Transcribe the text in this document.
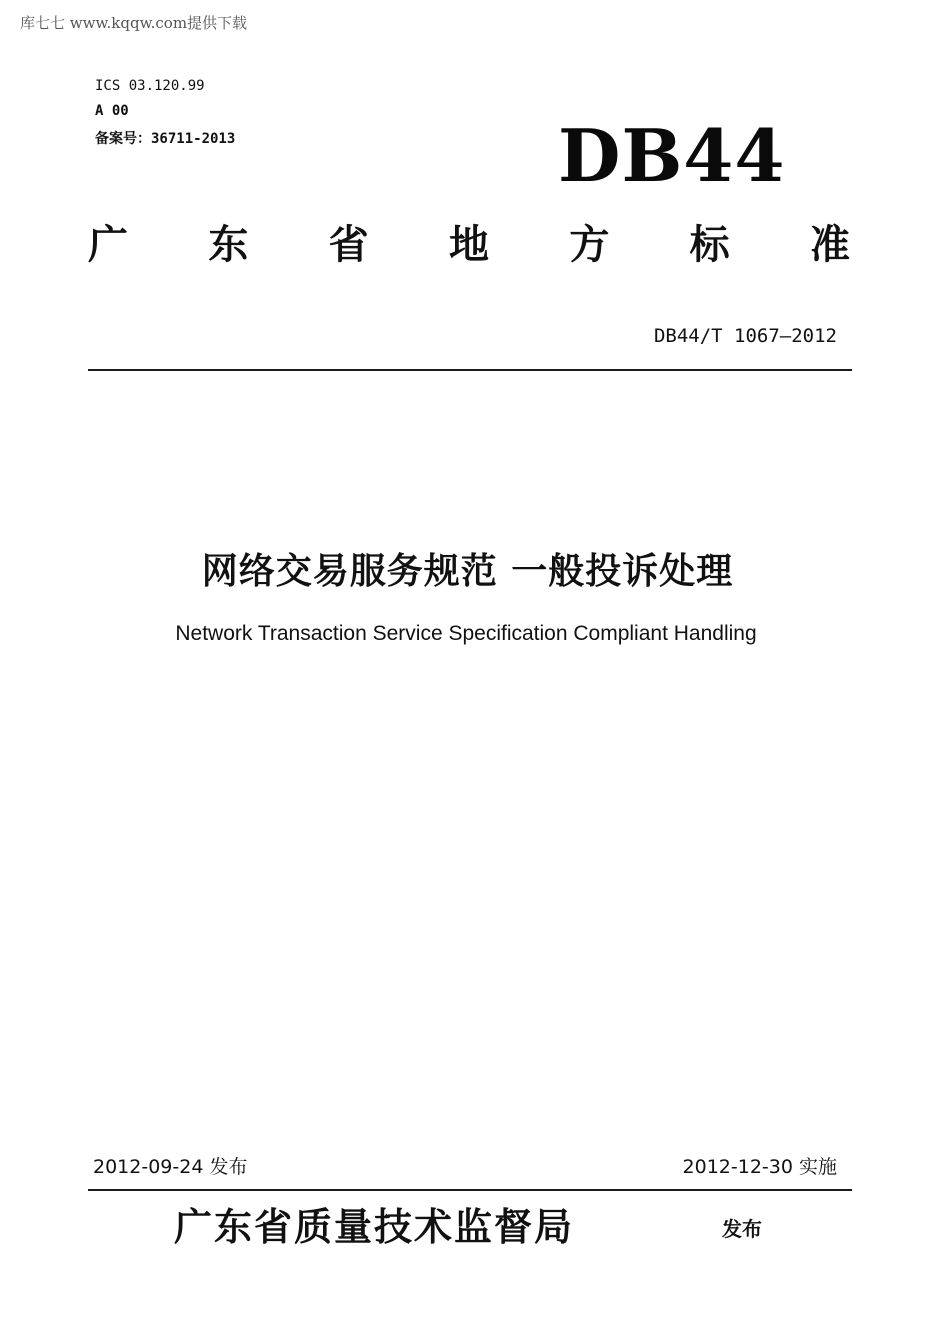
库七七 www.kqqw.com提供下载
ICS 03.120.99
A 00
备案号：36711-2013	DB44
广 东 省 地 方 标 准
DB44/T 1067—2012
网络交易服务规范 一般投诉处理
Network Transaction Service Specification Compliant Handling
2012-09-24 发布	2012-12-30 实施
广东省质量技术监督局	发布
